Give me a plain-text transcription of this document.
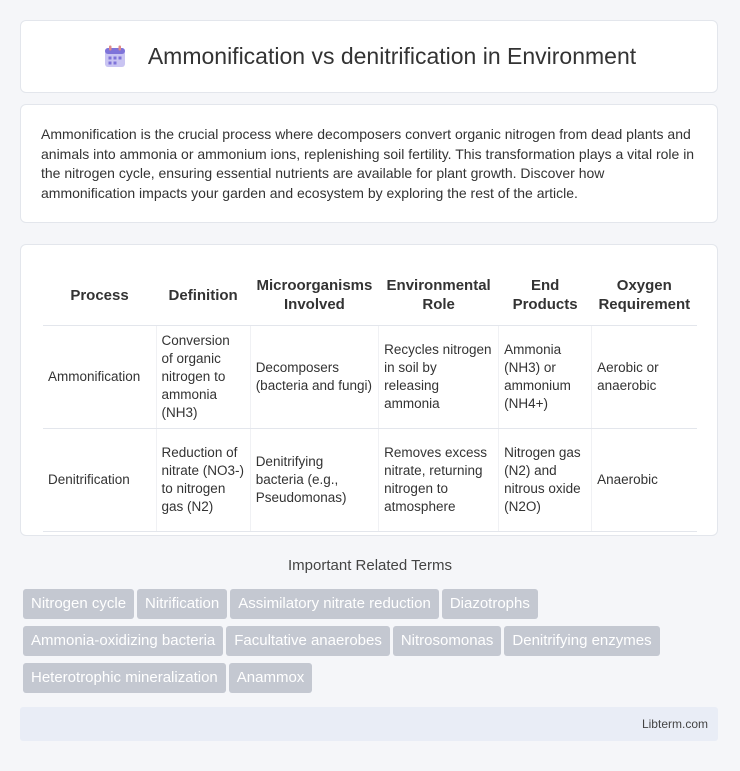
Ammonification vs denitrification in Environment

Ammonification is the crucial process where decomposers convert organic nitrogen from dead plants and animals into ammonia or ammonium ions, replenishing soil fertility. This transformation plays a vital role in the nitrogen cycle, ensuring essential nutrients are available for plant growth. Discover how ammonification impacts your garden and ecosystem by exploring the rest of the article.

Process	Definition	Microorganisms Involved	Environmental Role	End Products	Oxygen Requirement
Ammonification	Conversion of organic nitrogen to ammonia (NH3)	Decomposers (bacteria and fungi)	Recycles nitrogen in soil by releasing ammonia	Ammonia (NH3) or ammonium (NH4+)	Aerobic or anaerobic
Denitrification	Reduction of nitrate (NO3-) to nitrogen gas (N2)	Denitrifying bacteria (e.g., Pseudomonas)	Removes excess nitrate, returning nitrogen to atmosphere	Nitrogen gas (N2) and nitrous oxide (N2O)	Anaerobic
Important Related Terms
Nitrogen cycle Nitrification Assimilatory nitrate reduction Diazotrophs
Ammonia-oxidizing bacteria Facultative anaerobes Nitrosomonas Denitrifying enzymes
Heterotrophic mineralization Anammox
Libterm.com
